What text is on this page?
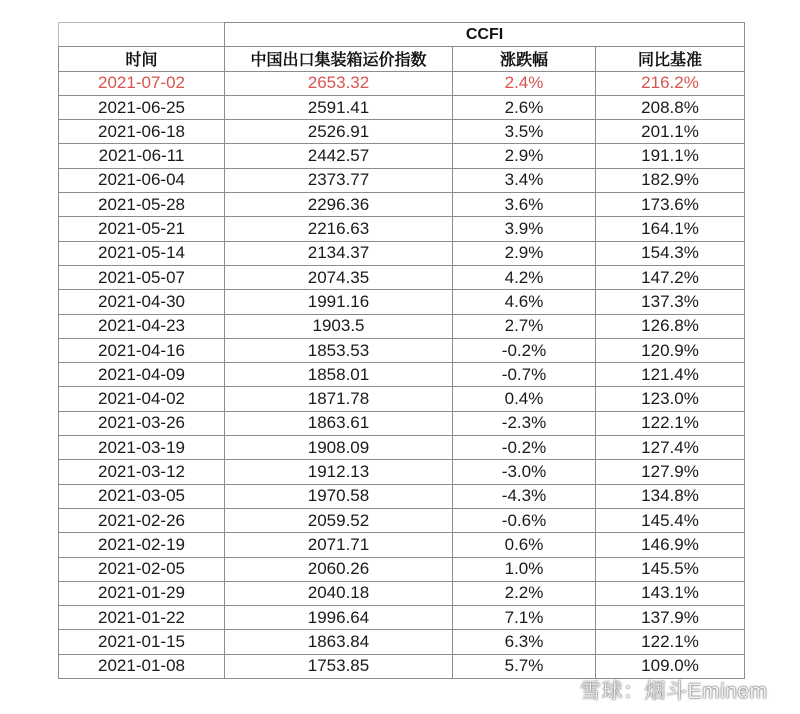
	CCFI		
时间	中国出口集装箱运价指数	涨跌幅	同比基准
2021-07-02	2653.32	2.4%	216.2%
2021-06-25	2591.41	2.6%	208.8%
2021-06-18	2526.91	3.5%	201.1%
2021-06-11	2442.57	2.9%	191.1%
2021-06-04	2373.77	3.4%	182.9%
2021-05-28	2296.36	3.6%	173.6%
2021-05-21	2216.63	3.9%	164.1%
2021-05-14	2134.37	2.9%	154.3%
2021-05-07	2074.35	4.2%	147.2%
2021-04-30	1991.16	4.6%	137.3%
2021-04-23	1903.5	2.7%	126.8%
2021-04-16	1853.53	-0.2%	120.9%
2021-04-09	1858.01	-0.7%	121.4%
2021-04-02	1871.78	0.4%	123.0%
2021-03-26	1863.61	-2.3%	122.1%
2021-03-19	1908.09	-0.2%	127.4%
2021-03-12	1912.13	-3.0%	127.9%
2021-03-05	1970.58	-4.3%	134.8%
2021-02-26	2059.52	-0.6%	145.4%
2021-02-19	2071.71	0.6%	146.9%
2021-02-05	2060.26	1.0%	145.5%
2021-01-29	2040.18	2.2%	143.1%
2021-01-22	1996.64	7.1%	137.9%
2021-01-15	1863.84	6.3%	122.1%
2021-01-08	1753.85	5.7%	109.0%
雪球：烟斗Eminem
